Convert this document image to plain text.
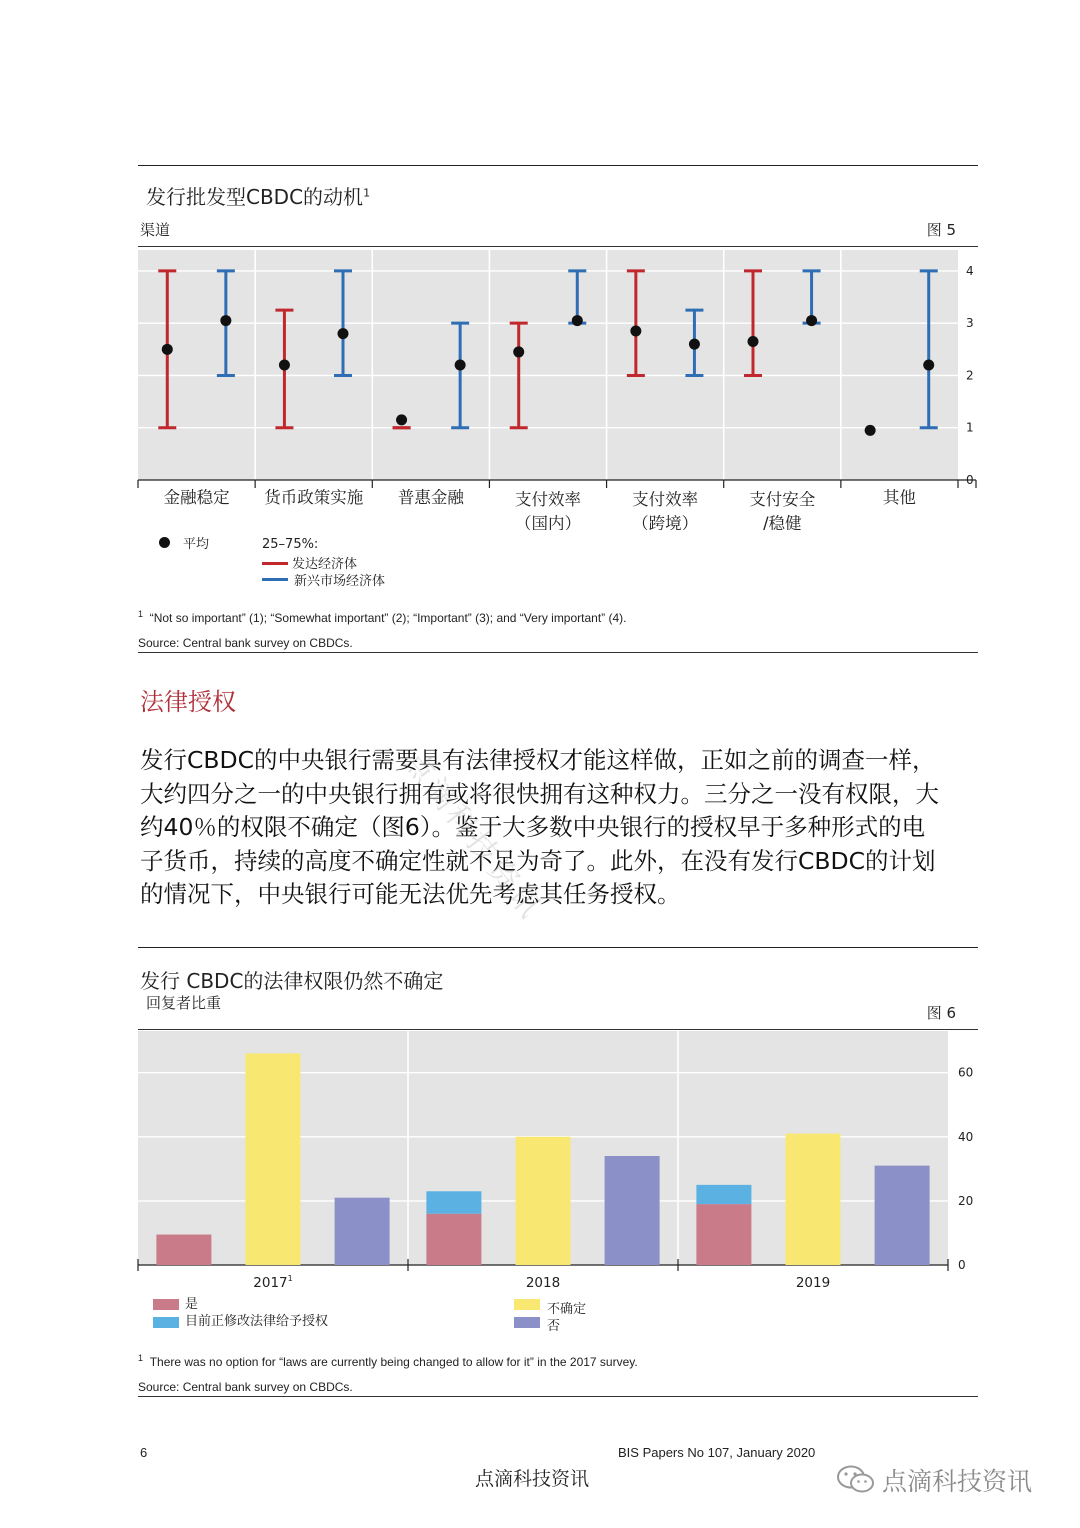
发行批发型CBDC的动机$^1$
渠道	图 5
0
1
2
3
4
金融稳定 货币政策实施 普惠金融	支付效率
（国内）
支付效率
（跨境）
支付安全
/稳健
其他
平均	25–75%:
发达经济体
新兴市场经济体
$^1$  “Not so important” (1); “Somewhat important” (2); “Important” (3); and “Very important” (4).
Source: Central bank survey on CBDCs.
法律授权

发行CBDC的中央银行需要具有法律授权才能这样做，正如之前的调查一样，

大约四分之一的中央银行拥有或将很快拥有这种权力。三分之一没有权限，大

约40％的权限不确定（图6）。鉴于大多数中央银行的授权早于多种形式的电

子货币，持续的高度不确定性就不足为奇了。此外，在没有发行CBDC的计划

的情况下，中央银行可能无法优先考虑其任务授权。

发行 CBDC的法律权限仍然不确定
回复者比重
图 6
0
20
40
60
2017$^1$	2018	2019
是
目前正修改法律给予授权
不确定
否
$^1$ There was no option for “laws are currently being changed to allow for it” in the 2017 survey.
Source: Central bank survey on CBDCs.
6	BIS Papers No 107, January 2020
点滴科技资讯	点滴科技资讯
点滴科技资讯
